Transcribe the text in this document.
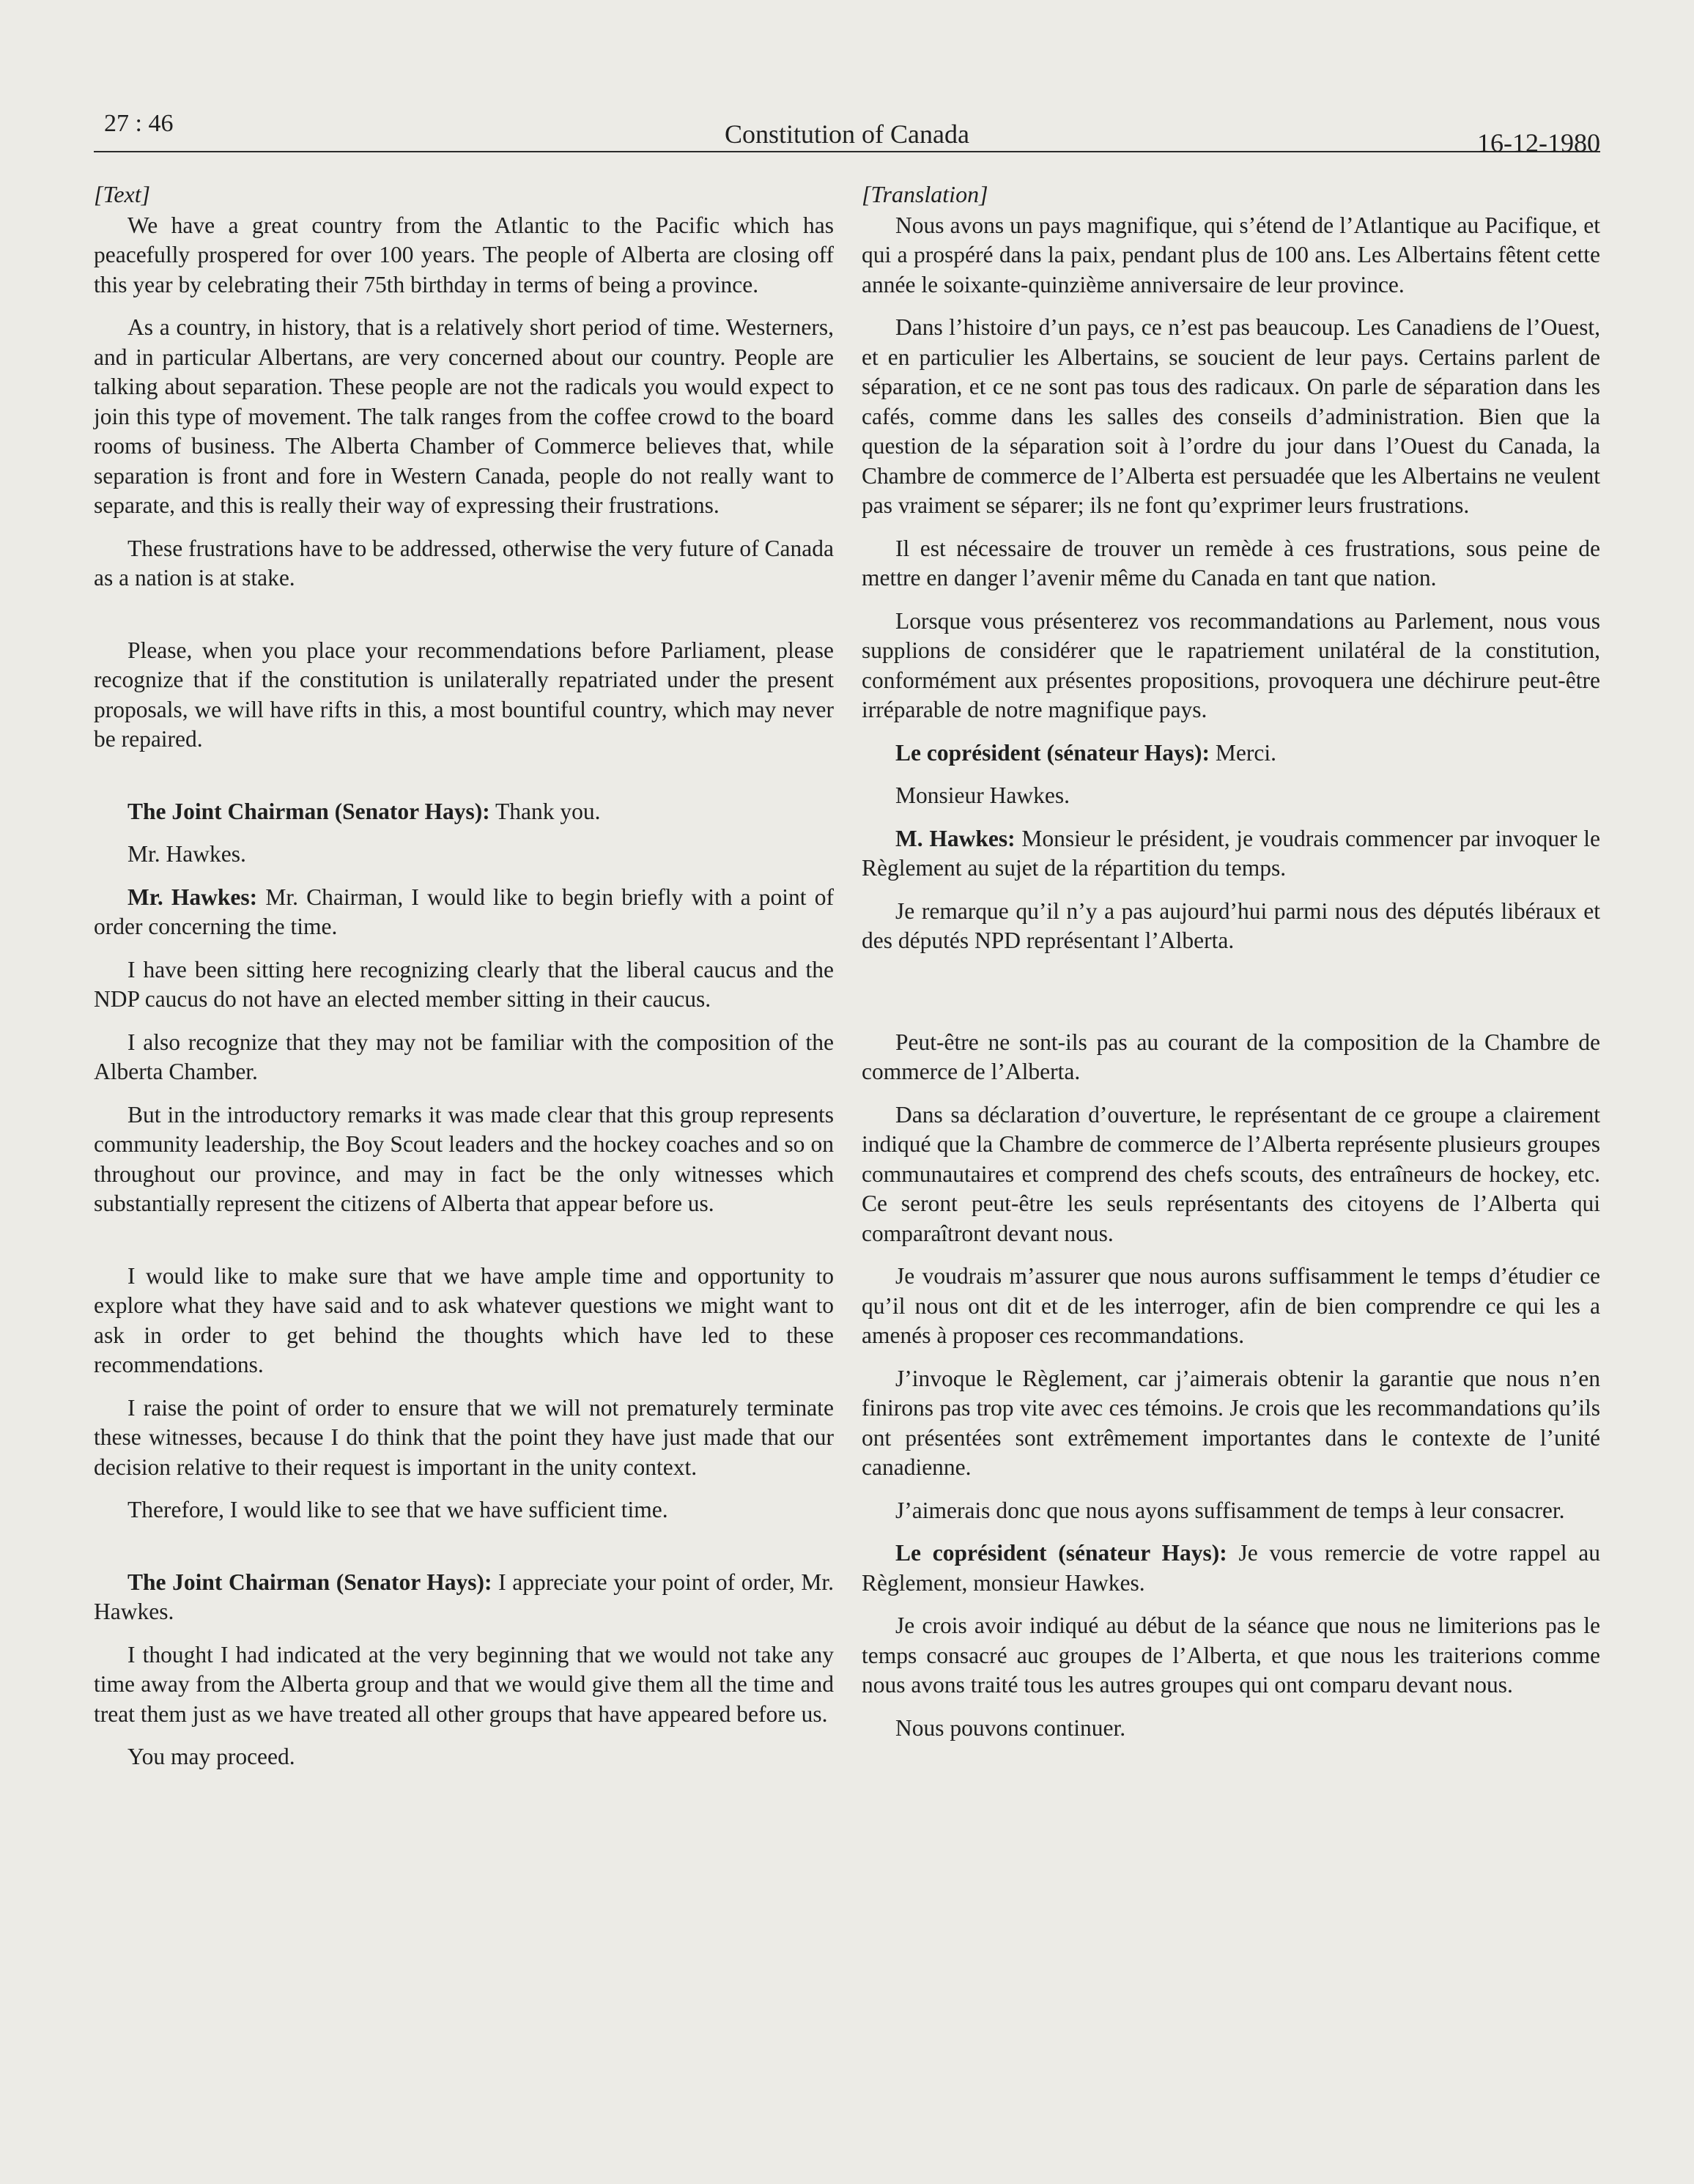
27 : 46	Constitution of Canada	16-12-1980
[Text]

We have a great country from the Atlantic to the Pacific which has peacefully prospered for over 100 years. The people of Alberta are closing off this year by celebrating their 75th birthday in terms of being a province.

As a country, in history, that is a relatively short period of time. Westerners, and in particular Albertans, are very concerned about our country. People are talking about separation. These people are not the radicals you would expect to join this type of movement. The talk ranges from the coffee crowd to the board rooms of business. The Alberta Chamber of Commerce believes that, while separation is front and fore in Western Canada, people do not really want to separate, and this is really their way of expressing their frustrations.

These frustrations have to be addressed, otherwise the very future of Canada as a nation is at stake.

Please, when you place your recommendations before Parliament, please recognize that if the constitution is unilaterally repatriated under the present proposals, we will have rifts in this, a most bountiful country, which may never be repaired.

The Joint Chairman (Senator Hays): Thank you.

Mr. Hawkes.

Mr. Hawkes: Mr. Chairman, I would like to begin briefly with a point of order concerning the time.

I have been sitting here recognizing clearly that the liberal caucus and the NDP caucus do not have an elected member sitting in their caucus.

I also recognize that they may not be familiar with the composition of the Alberta Chamber.

But in the introductory remarks it was made clear that this group represents community leadership, the Boy Scout leaders and the hockey coaches and so on throughout our province, and may in fact be the only witnesses which substantially represent the citizens of Alberta that appear before us.

I would like to make sure that we have ample time and opportunity to explore what they have said and to ask whatever questions we might want to ask in order to get behind the thoughts which have led to these recommendations.

I raise the point of order to ensure that we will not prematurely terminate these witnesses, because I do think that the point they have just made that our decision relative to their request is important in the unity context.

Therefore, I would like to see that we have sufficient time.

The Joint Chairman (Senator Hays): I appreciate your point of order, Mr. Hawkes.

I thought I had indicated at the very beginning that we would not take any time away from the Alberta group and that we would give them all the time and treat them just as we have treated all other groups that have appeared before us.

You may proceed.

[Translation]

Nous avons un pays magnifique, qui s’étend de l’Atlantique au Pacifique, et qui a prospéré dans la paix, pendant plus de 100 ans. Les Albertains fêtent cette année le soixante-quinzième anniversaire de leur province.

Dans l’histoire d’un pays, ce n’est pas beaucoup. Les Canadiens de l’Ouest, et en particulier les Albertains, se soucient de leur pays. Certains parlent de séparation, et ce ne sont pas tous des radicaux. On parle de séparation dans les cafés, comme dans les salles des conseils d’administration. Bien que la question de la séparation soit à l’ordre du jour dans l’Ouest du Canada, la Chambre de commerce de l’Alberta est persuadée que les Albertains ne veulent pas vraiment se séparer; ils ne font qu’exprimer leurs frustrations.

Il est nécessaire de trouver un remède à ces frustrations, sous peine de mettre en danger l’avenir même du Canada en tant que nation.

Lorsque vous présenterez vos recommandations au Parlement, nous vous supplions de considérer que le rapatriement unilatéral de la constitution, conformément aux présentes propositions, provoquera une déchirure peut-être irréparable de notre magnifique pays.

Le coprésident (sénateur Hays): Merci.

Monsieur Hawkes.

M. Hawkes: Monsieur le président, je voudrais commencer par invoquer le Règlement au sujet de la répartition du temps.

Je remarque qu’il n’y a pas aujourd’hui parmi nous des députés libéraux et des députés NPD représentant l’Alberta.

Peut-être ne sont-ils pas au courant de la composition de la Chambre de commerce de l’Alberta.

Dans sa déclaration d’ouverture, le représentant de ce groupe a clairement indiqué que la Chambre de commerce de l’Alberta représente plusieurs groupes communautaires et comprend des chefs scouts, des entraîneurs de hockey, etc. Ce seront peut-être les seuls représentants des citoyens de l’Alberta qui comparaîtront devant nous.

Je voudrais m’assurer que nous aurons suffisamment le temps d’étudier ce qu’il nous ont dit et de les interroger, afin de bien comprendre ce qui les a amenés à proposer ces recommandations.

J’invoque le Règlement, car j’aimerais obtenir la garantie que nous n’en finirons pas trop vite avec ces témoins. Je crois que les recommandations qu’ils ont présentées sont extrêmement importantes dans le contexte de l’unité canadienne.

J’aimerais donc que nous ayons suffisamment de temps à leur consacrer.

Le coprésident (sénateur Hays): Je vous remercie de votre rappel au Règlement, monsieur Hawkes.

Je crois avoir indiqué au début de la séance que nous ne limiterions pas le temps consacré auc groupes de l’Alberta, et que nous les traiterions comme nous avons traité tous les autres groupes qui ont comparu devant nous.

Nous pouvons continuer.
